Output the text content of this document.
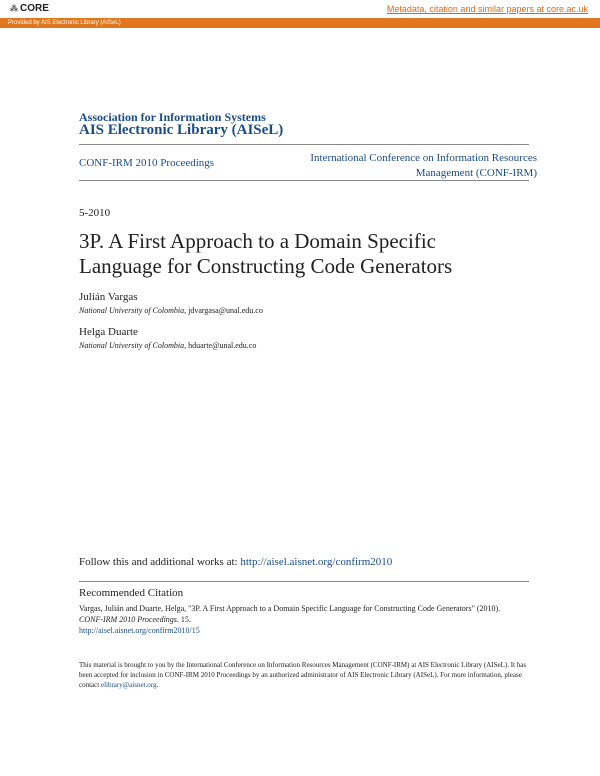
⁂ CORE	Metadata, citation and similar papers at core.ac.uk
Provided by AIS Electronic Library (AISeL)
Association for Information Systems
AIS Electronic Library (AISeL)
CONF-IRM 2010 Proceedings	International Conference on Information Resources Management (CONF-IRM)
5-2010
3P. A First Approach to a Domain Specific Language for Constructing Code Generators
Julián Vargas
National University of Colombia, jdvargasa@unal.edu.co
Helga Duarte
National University of Colombia, hduarte@unal.edu.co
Follow this and additional works at: http://aisel.aisnet.org/confirm2010
Recommended Citation
Vargas, Julián and Duarte, Helga, "3P. A First Approach to a Domain Specific Language for Constructing Code Generators" (2010).
CONF-IRM 2010 Proceedings. 15.
http://aisel.aisnet.org/confirm2010/15
This material is brought to you by the International Conference on Information Resources Management (CONF-IRM) at AIS Electronic Library (AISeL). It has been accepted for inclusion in CONF-IRM 2010 Proceedings by an authorized administrator of AIS Electronic Library (AISeL). For more information, please contact elibrary@aisnet.org.
